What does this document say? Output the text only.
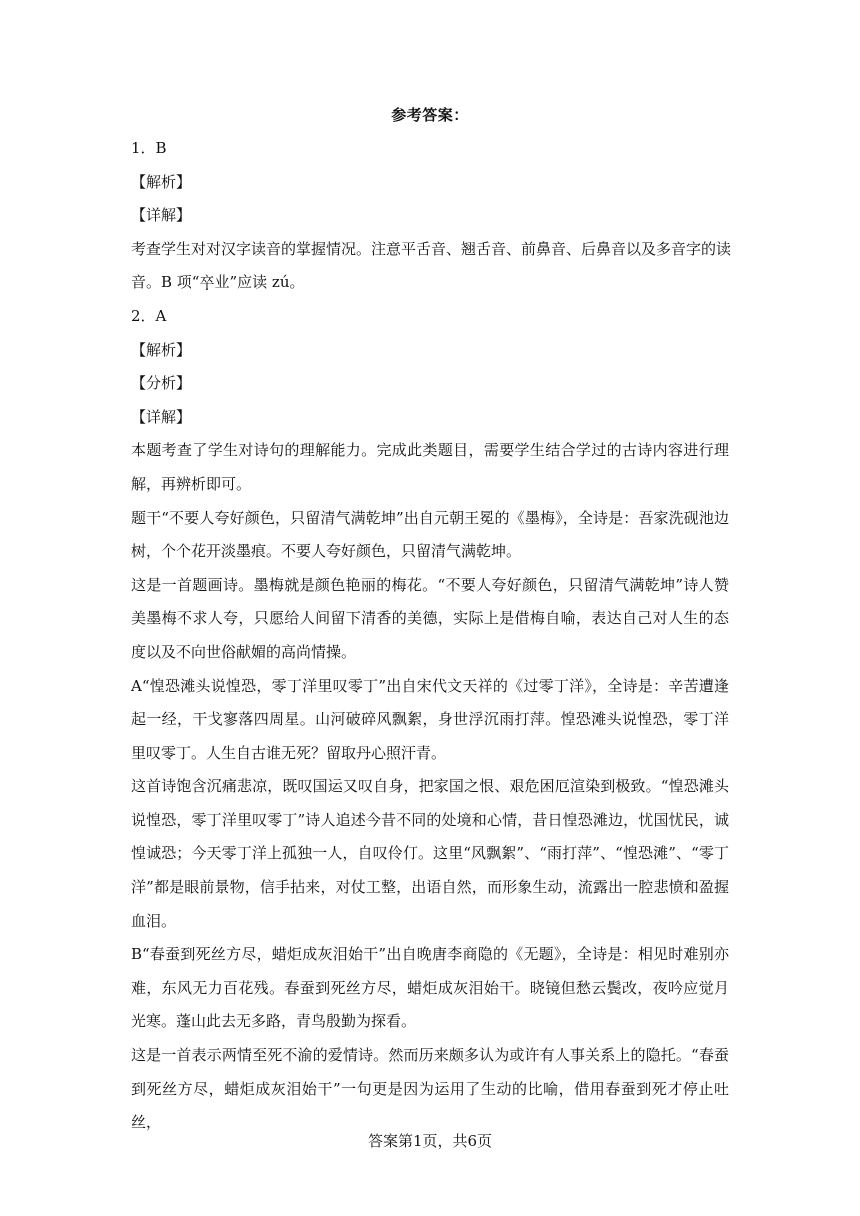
参考答案：
1．B
【解析】
【详解】
考查学生对对汉字读音的掌握情况。注意平舌音、翘舌音、前鼻音、后鼻音以及多音字的读
音。B 项“卒 .业”应读 zú。
2．A
【解析】
【分析】
【详解】
本题考查了学生对诗句的理解能力。完成此类题目，需要学生结合学过的古诗内容进行理解，再辨析即可。
题干“不要人夸好颜色，只留清气满乾坤”出自元朝王冕的《墨梅》，全诗是：吾家洗砚池边树，个个花开淡墨痕。不要人夸好颜色，只留清气满乾坤。
这是一首题画诗。墨梅就是颜色艳丽的梅花。“不要人夸好颜色，只留清气满乾坤”诗人赞美墨梅不求人夸，只愿给人间留下清香的美德，实际上是借梅自喻，表达自己对人生的态度以及不向世俗献媚的高尚情操。
A“惶恐滩头说惶恐，零丁洋里叹零丁”出自宋代文天祥的《过零丁洋》，全诗是：辛苦遭逢起一经，干戈寥落四周星。山河破碎风飘絮，身世浮沉雨打萍。惶恐滩头说惶恐，零丁洋里叹零丁。人生自古谁无死？留取丹心照汗青。
这首诗饱含沉痛悲凉，既叹国运又叹自身，把家国之恨、艰危困厄渲染到极致。“惶恐滩头说惶恐，零丁洋里叹零丁”诗人追述今昔不同的处境和心情，昔日惶恐滩边，忧国忧民，诚惶诚恐；今天零丁洋上孤独一人，自叹伶仃。这里“风飘絮”、“雨打萍”、“惶恐滩”、“零丁洋”都是眼前景物，信手拈来，对仗工整，出语自然，而形象生动，流露出一腔悲愤和盈握血泪。
B“春蚕到死丝方尽，蜡炬成灰泪始干”出自晚唐李商隐的《无题》，全诗是：相见时难别亦难，东风无力百花残。春蚕到死丝方尽，蜡炬成灰泪始干。晓镜但愁云鬓改，夜吟应觉月光寒。蓬山此去无多路，青鸟殷勤为探看。
这是一首表示两情至死不渝的爱情诗。然而历来颇多认为或许有人事关系上的隐托。“春蚕到死丝方尽，蜡炬成灰泪始干”一句更是因为运用了生动的比喻，借用春蚕到死才停止吐丝，
答案第1页，共6页
